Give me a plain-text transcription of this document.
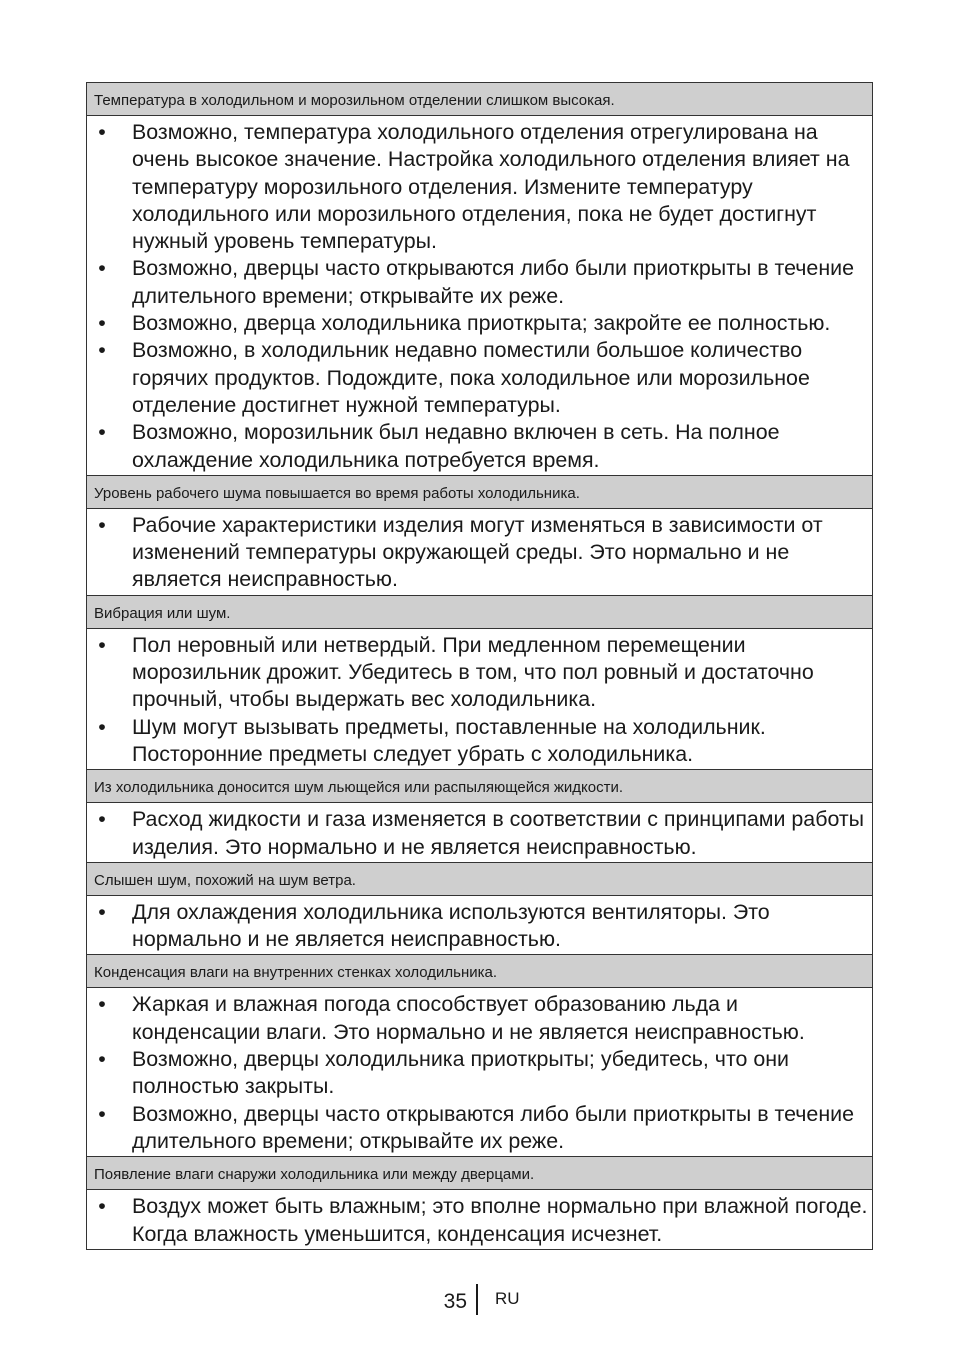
Температура в холодильном и морозильном отделении слишком высокая.
• Возможно, температура холодильного отделения отрегулирована на очень высокое значение. Настройка холодильного отделения влияет на температуру морозильного отделения. Измените температуру холодильного или морозильного отделения, пока не будет достигнут нужный уровень температуры.
• Возможно, дверцы часто открываются либо были приоткрыты в течение длительного времени; открывайте их реже.
• Возможно, дверца холодильника приоткрыта; закройте ее полностью.
• Возможно, в холодильник недавно поместили большое количество горячих продуктов. Подождите, пока холодильное или морозильное отделение достигнет нужной температуры.
• Возможно, морозильник был недавно включен в сеть. На полное охлаждение холодильника потребуется время.
Уровень рабочего шума повышается во время работы холодильника.
• Рабочие характеристики изделия могут изменяться в зависимости от изменений температуры окружающей среды. Это нормально и не является неисправностью.
Вибрация или шум.
• Пол неровный или нетвердый. При медленном перемещении морозильник дрожит. Убедитесь в том, что пол ровный и достаточно прочный, чтобы выдержать вес холодильника.
• Шум могут вызывать предметы, поставленные на холодильник. Посторонние предметы следует убрать с холодильника.
Из холодильника доносится шум льющейся или распыляющейся жидкости.
• Расход жидкости и газа изменяется в соответствии с принципами работы изделия. Это нормально и не является неисправностью.
Слышен шум, похожий на шум ветра.
• Для охлаждения холодильника используются вентиляторы. Это нормально и не является неисправностью.
Конденсация влаги на внутренних стенках холодильника.
• Жаркая и влажная погода способствует образованию льда и конденсации влаги. Это нормально и не является неисправностью.
• Возможно, дверцы холодильника приоткрыты; убедитесь, что они полностью закрыты.
• Возможно, дверцы часто открываются либо были приоткрыты в течение длительного времени; открывайте их реже.
Появление влаги снаружи холодильника или между дверцами.
• Воздух может быть влажным; это вполне нормально при влажной погоде. Когда влажность уменьшится, конденсация исчезнет.
35 RU
